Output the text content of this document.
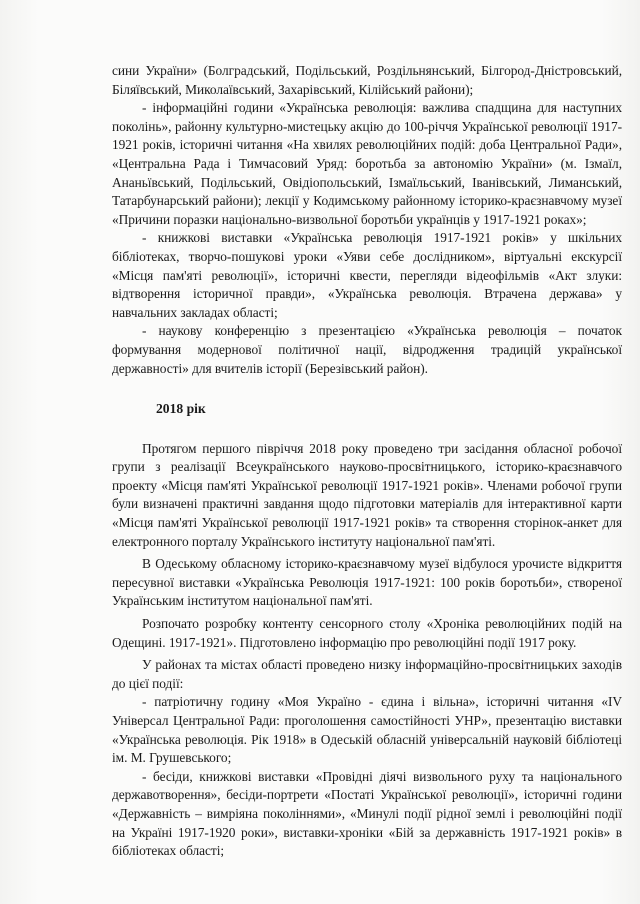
сини України» (Болградський, Подільський, Роздільнянський, Білгород-Дністровський, Біляївський, Миколаївський, Захарівський, Кілійський райони);

- інформаційні години «Українська революція: важлива спадщина для наступних поколінь», районну культурно-мистецьку акцію до 100-річчя Української революції 1917-1921 років, історичні читання «На хвилях революційних подій: доба Центральної Ради», «Центральна Рада і Тимчасовий Уряд: боротьба за автономію України» (м. Ізмаїл, Ананьївський, Подільський, Овідіопольський, Ізмаїльський, Іванівський, Лиманський, Татарбунарський райони); лекції у Кодимському районному історико-краєзнавчому музеї «Причини поразки національно-визвольної боротьби українців у 1917-1921 роках»;

- книжкові виставки «Українська революція 1917-1921 років» у шкільних бібліотеках, творчо-пошукові уроки «Уяви себе дослідником», віртуальні екскурсії «Місця пам'яті революції», історичні квести, перегляди відеофільмів «Акт злуки: відтворення історичної правди», «Українська революція. Втрачена держава» у навчальних закладах області;

- наукову конференцію з презентацією «Українська революція – початок формування модернової політичної нації, відродження традицій української державності» для вчителів історії (Березівський район).

2018 рік

Протягом першого півріччя 2018 року проведено три засідання обласної робочої групи з реалізації Всеукраїнського науково-просвітницького, історико-краєзнавчого проекту «Місця пам'яті Української революції 1917-1921 років». Членами робочої групи були визначені практичні завдання щодо підготовки матеріалів для інтерактивної карти «Місця пам'яті Української революції 1917-1921 років» та створення сторінок-анкет для електронного порталу Українського інституту національної пам'яті.

В Одеському обласному історико-краєзнавчому музеї відбулося урочисте відкриття пересувної виставки «Українська Революція 1917-1921: 100 років боротьби», створеної Українським інститутом національної пам'яті.

Розпочато розробку контенту сенсорного столу «Хроніка революційних подій на Одещині. 1917-1921». Підготовлено інформацію про революційні події 1917 року.

У районах та містах області проведено низку інформаційно-просвітницьких заходів до цієї події:

- патріотичну годину «Моя Україно - єдина і вільна», історичні читання «IV Універсал Центральної Ради: проголошення самостійності УНР», презентацію виставки «Українська революція. Рік 1918» в Одеській обласній універсальній науковій бібліотеці ім. М. Грушевського;

- бесіди, книжкові виставки «Провідні діячі визвольного руху та національного державотворення», бесіди-портрети «Постаті Української революції», історичні години «Державність – вимріяна поколіннями», «Минулі події рідної землі і революційні події на Україні 1917-1920 роки», виставки-хроніки «Бій за державність 1917-1921 років» в бібліотеках області;
